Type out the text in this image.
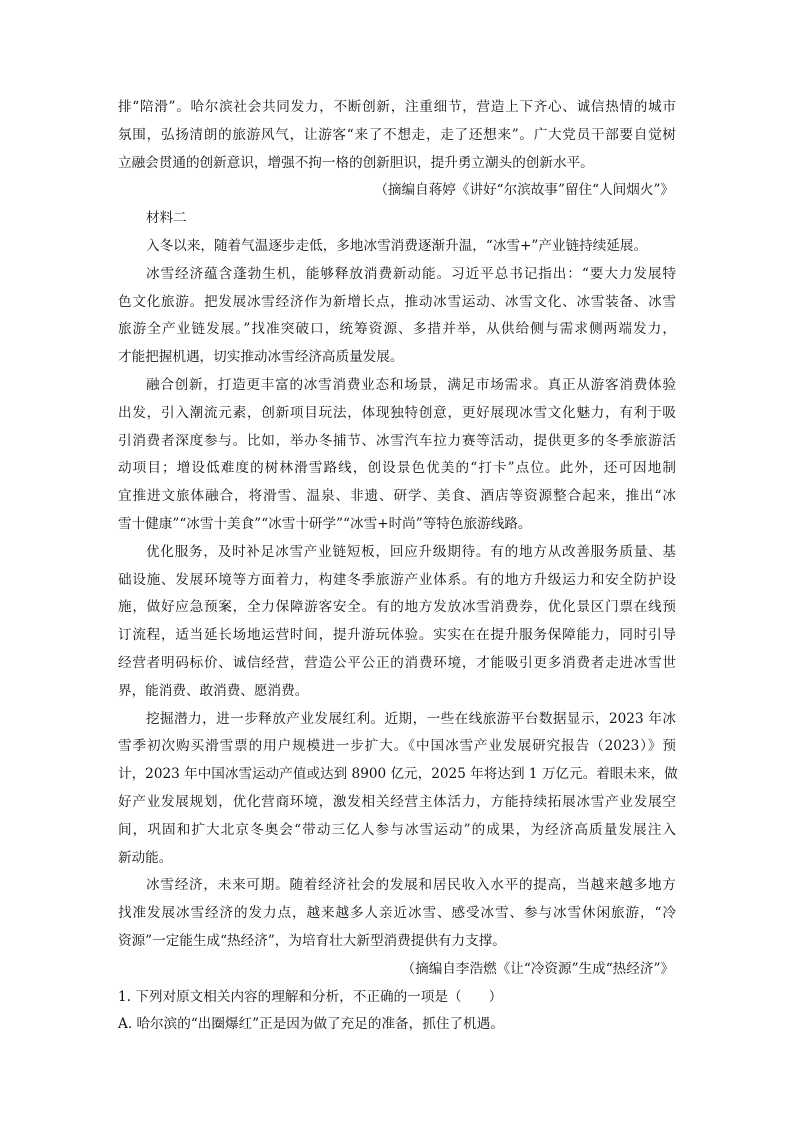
排“陪滑”。哈尔滨社会共同发力，不断创新，注重细节，营造上下齐心、诚信热情的城市
氛围，弘扬清朗的旅游风气，让游客“来了不想走，走了还想来”。广大党员干部要自觉树
立融会贯通的创新意识，增强不拘一格的创新胆识，提升勇立潮头的创新水平。
（摘编自蒋婷《讲好“尔滨故事”留住“人间烟火”》
材料二
入冬以来，随着气温逐步走低，多地冰雪消费逐渐升温，“冰雪+”产业链持续延展。
冰雪经济蕴含蓬勃生机，能够释放消费新动能。习近平总书记指出：“要大力发展特
色文化旅游。把发展冰雪经济作为新增长点，推动冰雪运动、冰雪文化、冰雪装备、冰雪
旅游全产业链发展。”找准突破口，统筹资源、多措并举，从供给侧与需求侧两端发力，
才能把握机遇，切实推动冰雪经济高质量发展。
融合创新，打造更丰富的冰雪消费业态和场景，满足市场需求。真正从游客消费体验
出发，引入潮流元素，创新项目玩法，体现独特创意，更好展现冰雪文化魅力，有利于吸
引消费者深度参与。比如，举办冬捕节、冰雪汽车拉力赛等活动，提供更多的冬季旅游活
动项目；增设低难度的树林滑雪路线，创设景色优美的“打卡”点位。此外，还可因地制
宜推进文旅体融合，将滑雪、温泉、非遗、研学、美食、酒店等资源整合起来，推出“冰
雪十健康”“冰雪十美食”“冰雪十研学”“冰雪+时尚”等特色旅游线路。
优化服务，及时补足冰雪产业链短板，回应升级期待。有的地方从改善服务质量、基
础设施、发展环境等方面着力，构建冬季旅游产业体系。有的地方升级运力和安全防护设
施，做好应急预案，全力保障游客安全。有的地方发放冰雪消费券，优化景区门票在线预
订流程，适当延长场地运营时间，提升游玩体验。实实在在提升服务保障能力，同时引导
经营者明码标价、诚信经营，营造公平公正的消费环境，才能吸引更多消费者走进冰雪世
界，能消费、敢消费、愿消费。
挖掘潜力，进一步释放产业发展红利。近期，一些在线旅游平台数据显示，2023 年冰
雪季初次购买滑雪票的用户规模进一步扩大。《中国冰雪产业发展研究报告（2023）》预
计，2023 年中国冰雪运动产值或达到 8900 亿元，2025 年将达到 1 万亿元。着眼未来，做
好产业发展规划，优化营商环境，激发相关经营主体活力，方能持续拓展冰雪产业发展空
间，巩固和扩大北京冬奥会“带动三亿人参与冰雪运动”的成果，为经济高质量发展注入
新动能。
冰雪经济，未来可期。随着经济社会的发展和居民收入水平的提高，当越来越多地方
找准发展冰雪经济的发力点，越来越多人亲近冰雪、感受冰雪、参与冰雪休闲旅游，“冷
资源”一定能生成“热经济”，为培育壮大新型消费提供有力支撑。
（摘编自李浩燃《让“冷资源”生成“热经济”》
1. 下列对原文相关内容的理解和分析，不正确的一项是（　　）
A. 哈尔滨的“出圈爆红”正是因为做了充足的准备，抓住了机遇。
